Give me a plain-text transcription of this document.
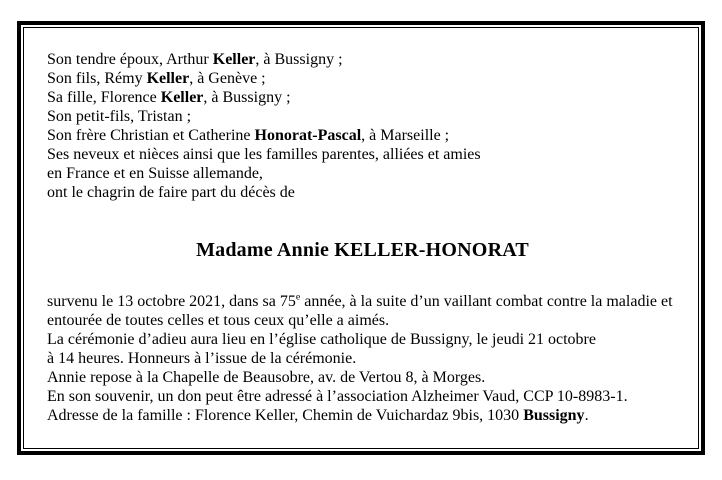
Son tendre époux, Arthur Keller, à Bussigny ;

Son fils, Rémy Keller, à Genève ;

Sa fille, Florence Keller, à Bussigny ;

Son petit-fils, Tristan ;

Son frère Christian et Catherine Honorat-Pascal, à Marseille ;

Ses neveux et nièces ainsi que les familles parentes, alliées et amies

en France et en Suisse allemande,

ont le chagrin de faire part du décès de

Madame Annie KELLER-HONORAT

survenu le 13 octobre 2021, dans sa 75e année, à la suite d’un vaillant combat contre la maladie et

entourée de toutes celles et tous ceux qu’elle a aimés.

La cérémonie d’adieu aura lieu en l’église catholique de Bussigny, le jeudi 21 octobre

à 14 heures. Honneurs à l’issue de la cérémonie.

Annie repose à la Chapelle de Beausobre, av. de Vertou 8, à Morges.

En son souvenir, un don peut être adressé à l’association Alzheimer Vaud, CCP 10-8983-1.

Adresse de la famille : Florence Keller, Chemin de Vuichardaz 9bis, 1030 Bussigny.
